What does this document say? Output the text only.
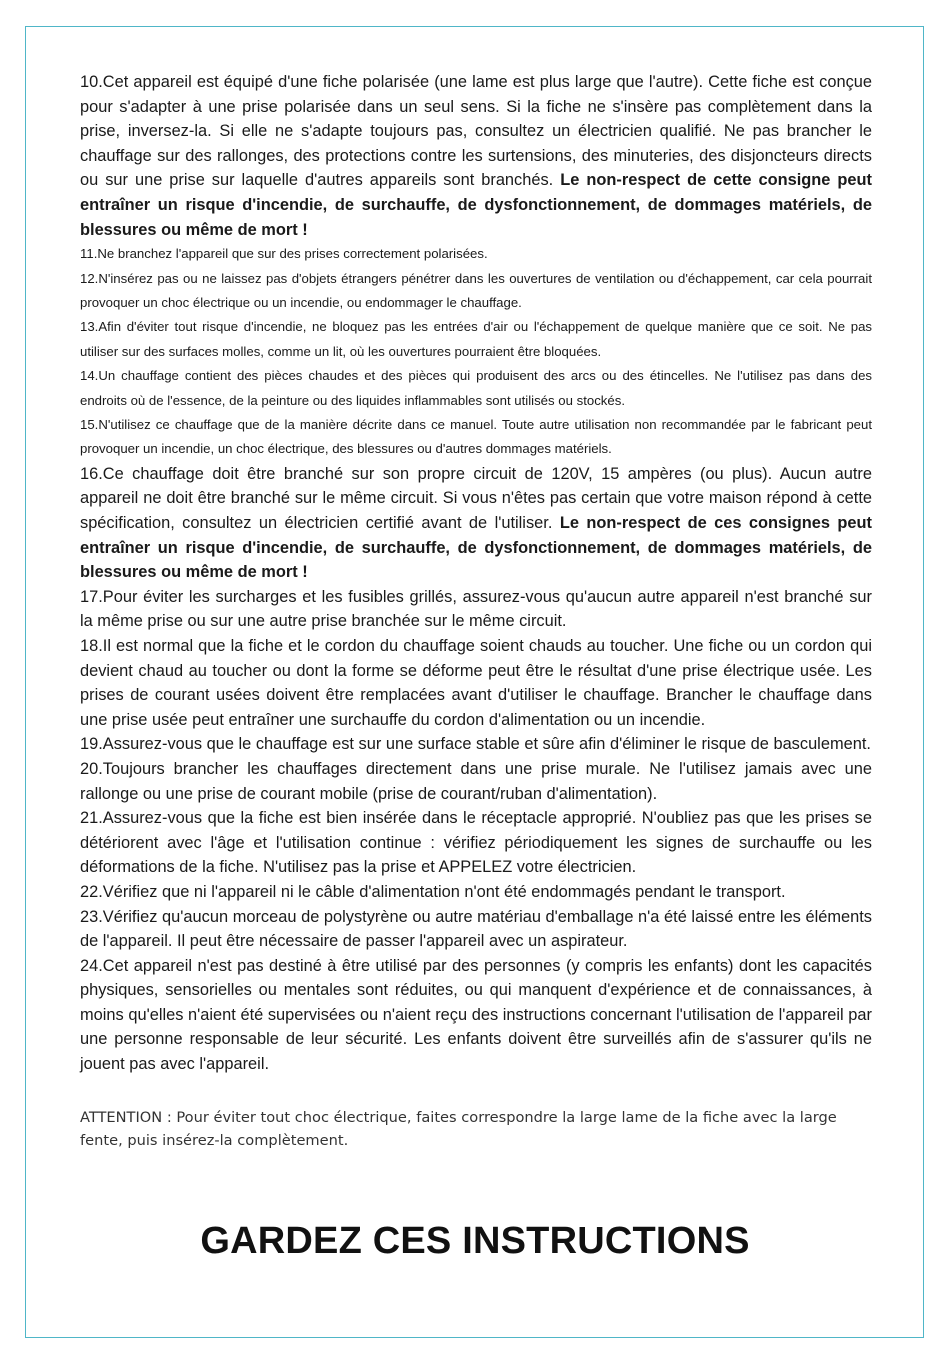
10.Cet appareil est équipé d'une fiche polarisée (une lame est plus large que l'autre). Cette fiche est conçue pour s'adapter à une prise polarisée dans un seul sens. Si la fiche ne s'insère pas complètement dans la prise, inversez-la. Si elle ne s'adapte toujours pas, consultez un électricien qualifié. Ne pas brancher le chauffage sur des rallonges, des protections contre les surtensions, des minuteries, des disjoncteurs directs ou sur une prise sur laquelle d'autres appareils sont branchés. Le non-respect de cette consigne peut entraîner un risque d'incendie, de surchauffe, de dysfonctionnement, de dommages matériels, de blessures ou même de mort !

11.Ne branchez l'appareil que sur des prises correctement polarisées.

12.N'insérez pas ou ne laissez pas d'objets étrangers pénétrer dans les ouvertures de ventilation ou d'échappement, car cela pourrait provoquer un choc électrique ou un incendie, ou endommager le chauffage.

13.Afin d'éviter tout risque d'incendie, ne bloquez pas les entrées d'air ou l'échappement de quelque manière que ce soit. Ne pas utiliser sur des surfaces molles, comme un lit, où les ouvertures pourraient être bloquées.

14.Un chauffage contient des pièces chaudes et des pièces qui produisent des arcs ou des étincelles. Ne l'utilisez pas dans des endroits où de l'essence, de la peinture ou des liquides inflammables sont utilisés ou stockés.

15.N'utilisez ce chauffage que de la manière décrite dans ce manuel. Toute autre utilisation non recommandée par le fabricant peut provoquer un incendie, un choc électrique, des blessures ou d'autres dommages matériels.

16.Ce chauffage doit être branché sur son propre circuit de 120V, 15 ampères (ou plus). Aucun autre appareil ne doit être branché sur le même circuit. Si vous n'êtes pas certain que votre maison répond à cette spécification, consultez un électricien certifié avant de l'utiliser. Le non-respect de ces consignes peut entraîner un risque d'incendie, de surchauffe, de dysfonctionnement, de dommages matériels, de blessures ou même de mort !

17.Pour éviter les surcharges et les fusibles grillés, assurez-vous qu'aucun autre appareil n'est branché sur la même prise ou sur une autre prise branchée sur le même circuit.

18.Il est normal que la fiche et le cordon du chauffage soient chauds au toucher. Une fiche ou un cordon qui devient chaud au toucher ou dont la forme se déforme peut être le résultat d'une prise électrique usée. Les prises de courant usées doivent être remplacées avant d'utiliser le chauffage. Brancher le chauffage dans une prise usée peut entraîner une surchauffe du cordon d'alimentation ou un incendie.

19.Assurez-vous que le chauffage est sur une surface stable et sûre afin d'éliminer le risque de basculement.

20.Toujours brancher les chauffages directement dans une prise murale. Ne l'utilisez jamais avec une rallonge ou une prise de courant mobile (prise de courant/ruban d'alimentation).

21.Assurez-vous que la fiche est bien insérée dans le réceptacle approprié. N'oubliez pas que les prises se détériorent avec l'âge et l'utilisation continue : vérifiez périodiquement les signes de surchauffe ou les déformations de la fiche. N'utilisez pas la prise et APPELEZ votre électricien.

22.Vérifiez que ni l'appareil ni le câble d'alimentation n'ont été endommagés pendant le transport.

23.Vérifiez qu'aucun morceau de polystyrène ou autre matériau d'emballage n'a été laissé entre les éléments de l'appareil. Il peut être nécessaire de passer l'appareil avec un aspirateur.

24.Cet appareil n'est pas destiné à être utilisé par des personnes (y compris les enfants) dont les capacités physiques, sensorielles ou mentales sont réduites, ou qui manquent d'expérience et de connaissances, à moins qu'elles n'aient été supervisées ou n'aient reçu des instructions concernant l'utilisation de l'appareil par une personne responsable de leur sécurité. Les enfants doivent être surveillés afin de s'assurer qu'ils ne jouent pas avec l'appareil.

ATTENTION : Pour éviter tout choc électrique, faites correspondre la large lame de la fiche avec la large fente, puis insérez-la complètement.

GARDEZ CES INSTRUCTIONS
